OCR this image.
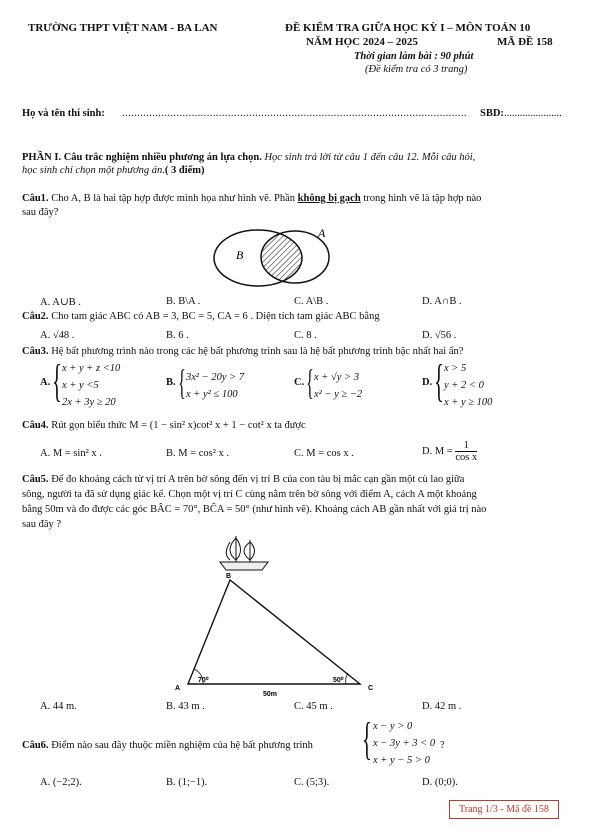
TRƯỜNG THPT VIỆT NAM - BA LAN	ĐỀ KIỂM TRA GIỮA HỌC KỲ I – MÔN TOÁN 10
NĂM HỌC 2024 – 2025	MÃ ĐỀ 158
Thời gian làm bài : 90 phút
(Đề kiểm tra có 3 trang)
Họ và tên thí sinh: .................................................................................................................. SBD: ......................
PHẦN I. Câu trắc nghiệm nhiều phương án lựa chọn. Học sinh trả lời từ câu 1 đến câu 12. Mỗi câu hỏi,
học sinh chỉ chọn một phương án.( 3 điểm)
Câu1. Cho A, B là hai tập hợp được minh họa như hình vẽ. Phần không bị gạch trong hình vẽ là tập hợp nào
sau đây?
A
B
A. A∪B .	B. B\A .	C. A\B .	D. A∩B .
Câu2. Cho tam giác ABC có AB = 3, BC = 5, CA = 6 . Diện tích tam giác ABC bằng
A. √48 .	B. 6 .	C. 8 .	D. √56 .
Câu3. Hệ bất phương trình nào trong các hệ bất phương trình sau là hệ bất phương trình bậc nhất hai ẩn?
A. { x + y + z <10
x + y <5
2x + 3y ≥ 20
B. { 3x² − 20y > 7
x + y² ≤ 100
C. { x + √y > 3
x² − y ≥ −2
D. { x > 5
y + 2 < 0
x + y ≥ 100
Câu4. Rút gọn biểu thức M = (1 − sin² x)cot² x + 1 − cot² x ta được
A. M = sin² x .	B. M = cos² x .	C. M = cos x .	D. $M = \frac{1}{\text{cos x}}$
Câu5. Để đo khoảng cách từ vị trí A trên bờ sông đến vị trí B của con tàu bị mắc cạn gần một cù lao giữa
sông, người ta đã sử dụng giác kế. Chọn một vị trí C cùng nằm trên bờ sông với điểm A, cách A một khoảng
bằng 50m và đo được các góc BÂC = 70°, BĈA = 50° (như hình vẽ). Khoảng cách AB gần nhất với giá trị nào
sau đây ?
B
70⁰	50⁰
A	C
50m
A. 44 m.	B. 43 m .	C. 45 m .	D. 42 m .
Câu6. Điểm nào sau đây thuộc miền nghiệm của hệ bất phương trình { x − y > 0
x − 3y + 3 < 0
x + y − 5 > 0
?
A. (−2;2).	B. (1;−1).	C. (5;3).	D. (0;0).
Trang 1/3 - Mã đề 158
